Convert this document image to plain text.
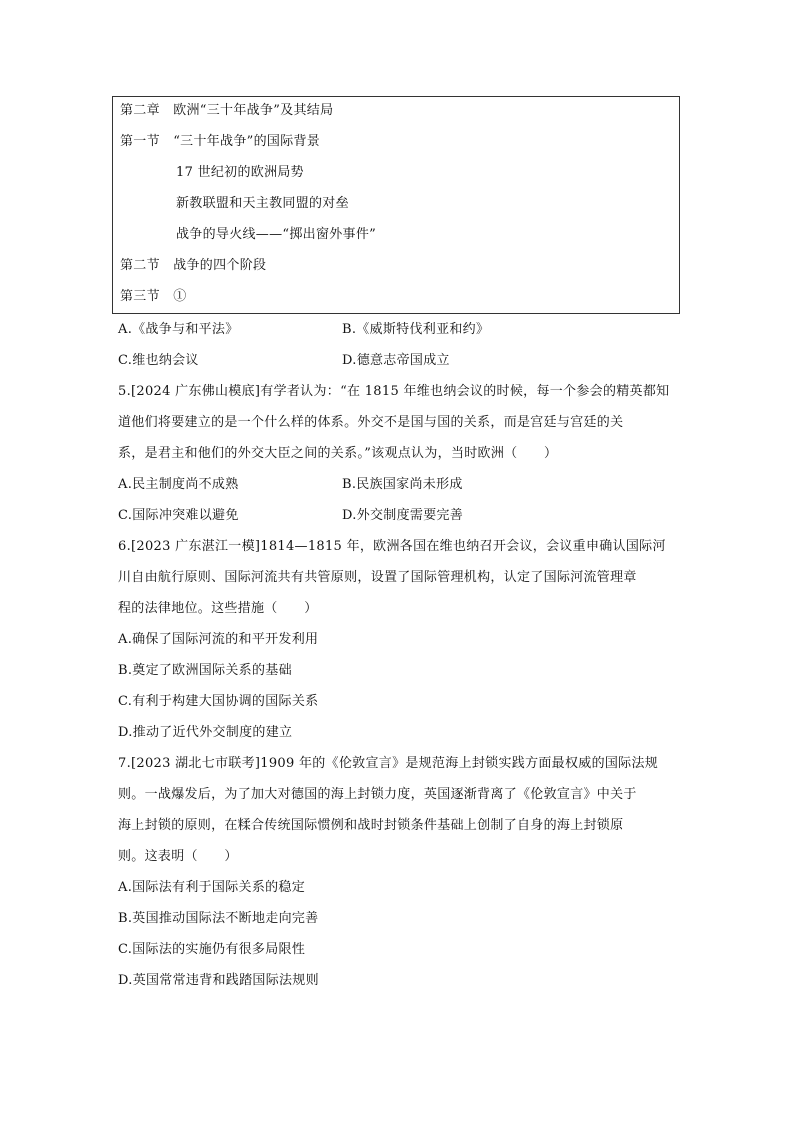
第二章　欧洲“三十年战争”及其结局
第一节　“三十年战争”的国际背景
17 世纪初的欧洲局势
新教联盟和天主教同盟的对垒
战争的导火线——“掷出窗外事件”
第二节　战争的四个阶段
第三节　①
A.《战争与和平法》	B.《威斯特伐利亚和约》
C.维也纳会议	D.德意志帝国成立
5.[2024 广东佛山模底]有学者认为：“在 1815 年维也纳会议的时候，每一个参会的精英都知
道他们将要建立的是一个什么样的体系。外交不是国与国的关系，而是宫廷与宫廷的关
系，是君主和他们的外交大臣之间的关系。”该观点认为，当时欧洲（　　）
A.民主制度尚不成熟	B.民族国家尚未形成
C.国际冲突难以避免	D.外交制度需要完善
6.[2023 广东湛江一模]1814—1815 年，欧洲各国在维也纳召开会议，会议重申确认国际河
川自由航行原则、国际河流共有共管原则，设置了国际管理机构，认定了国际河流管理章
程的法律地位。这些措施（　　）
A.确保了国际河流的和平开发利用
B.奠定了欧洲国际关系的基础
C.有利于构建大国协调的国际关系
D.推动了近代外交制度的建立
7.[2023 湖北七市联考]1909 年的《伦敦宣言》是规范海上封锁实践方面最权威的国际法规
则。一战爆发后，为了加大对德国的海上封锁力度，英国逐渐背离了《伦敦宣言》中关于
海上封锁的原则，在糅合传统国际惯例和战时封锁条件基础上创制了自身的海上封锁原
则。这表明（　　）
A.国际法有利于国际关系的稳定
B.英国推动国际法不断地走向完善
C.国际法的实施仍有很多局限性
D.英国常常违背和践踏国际法规则
